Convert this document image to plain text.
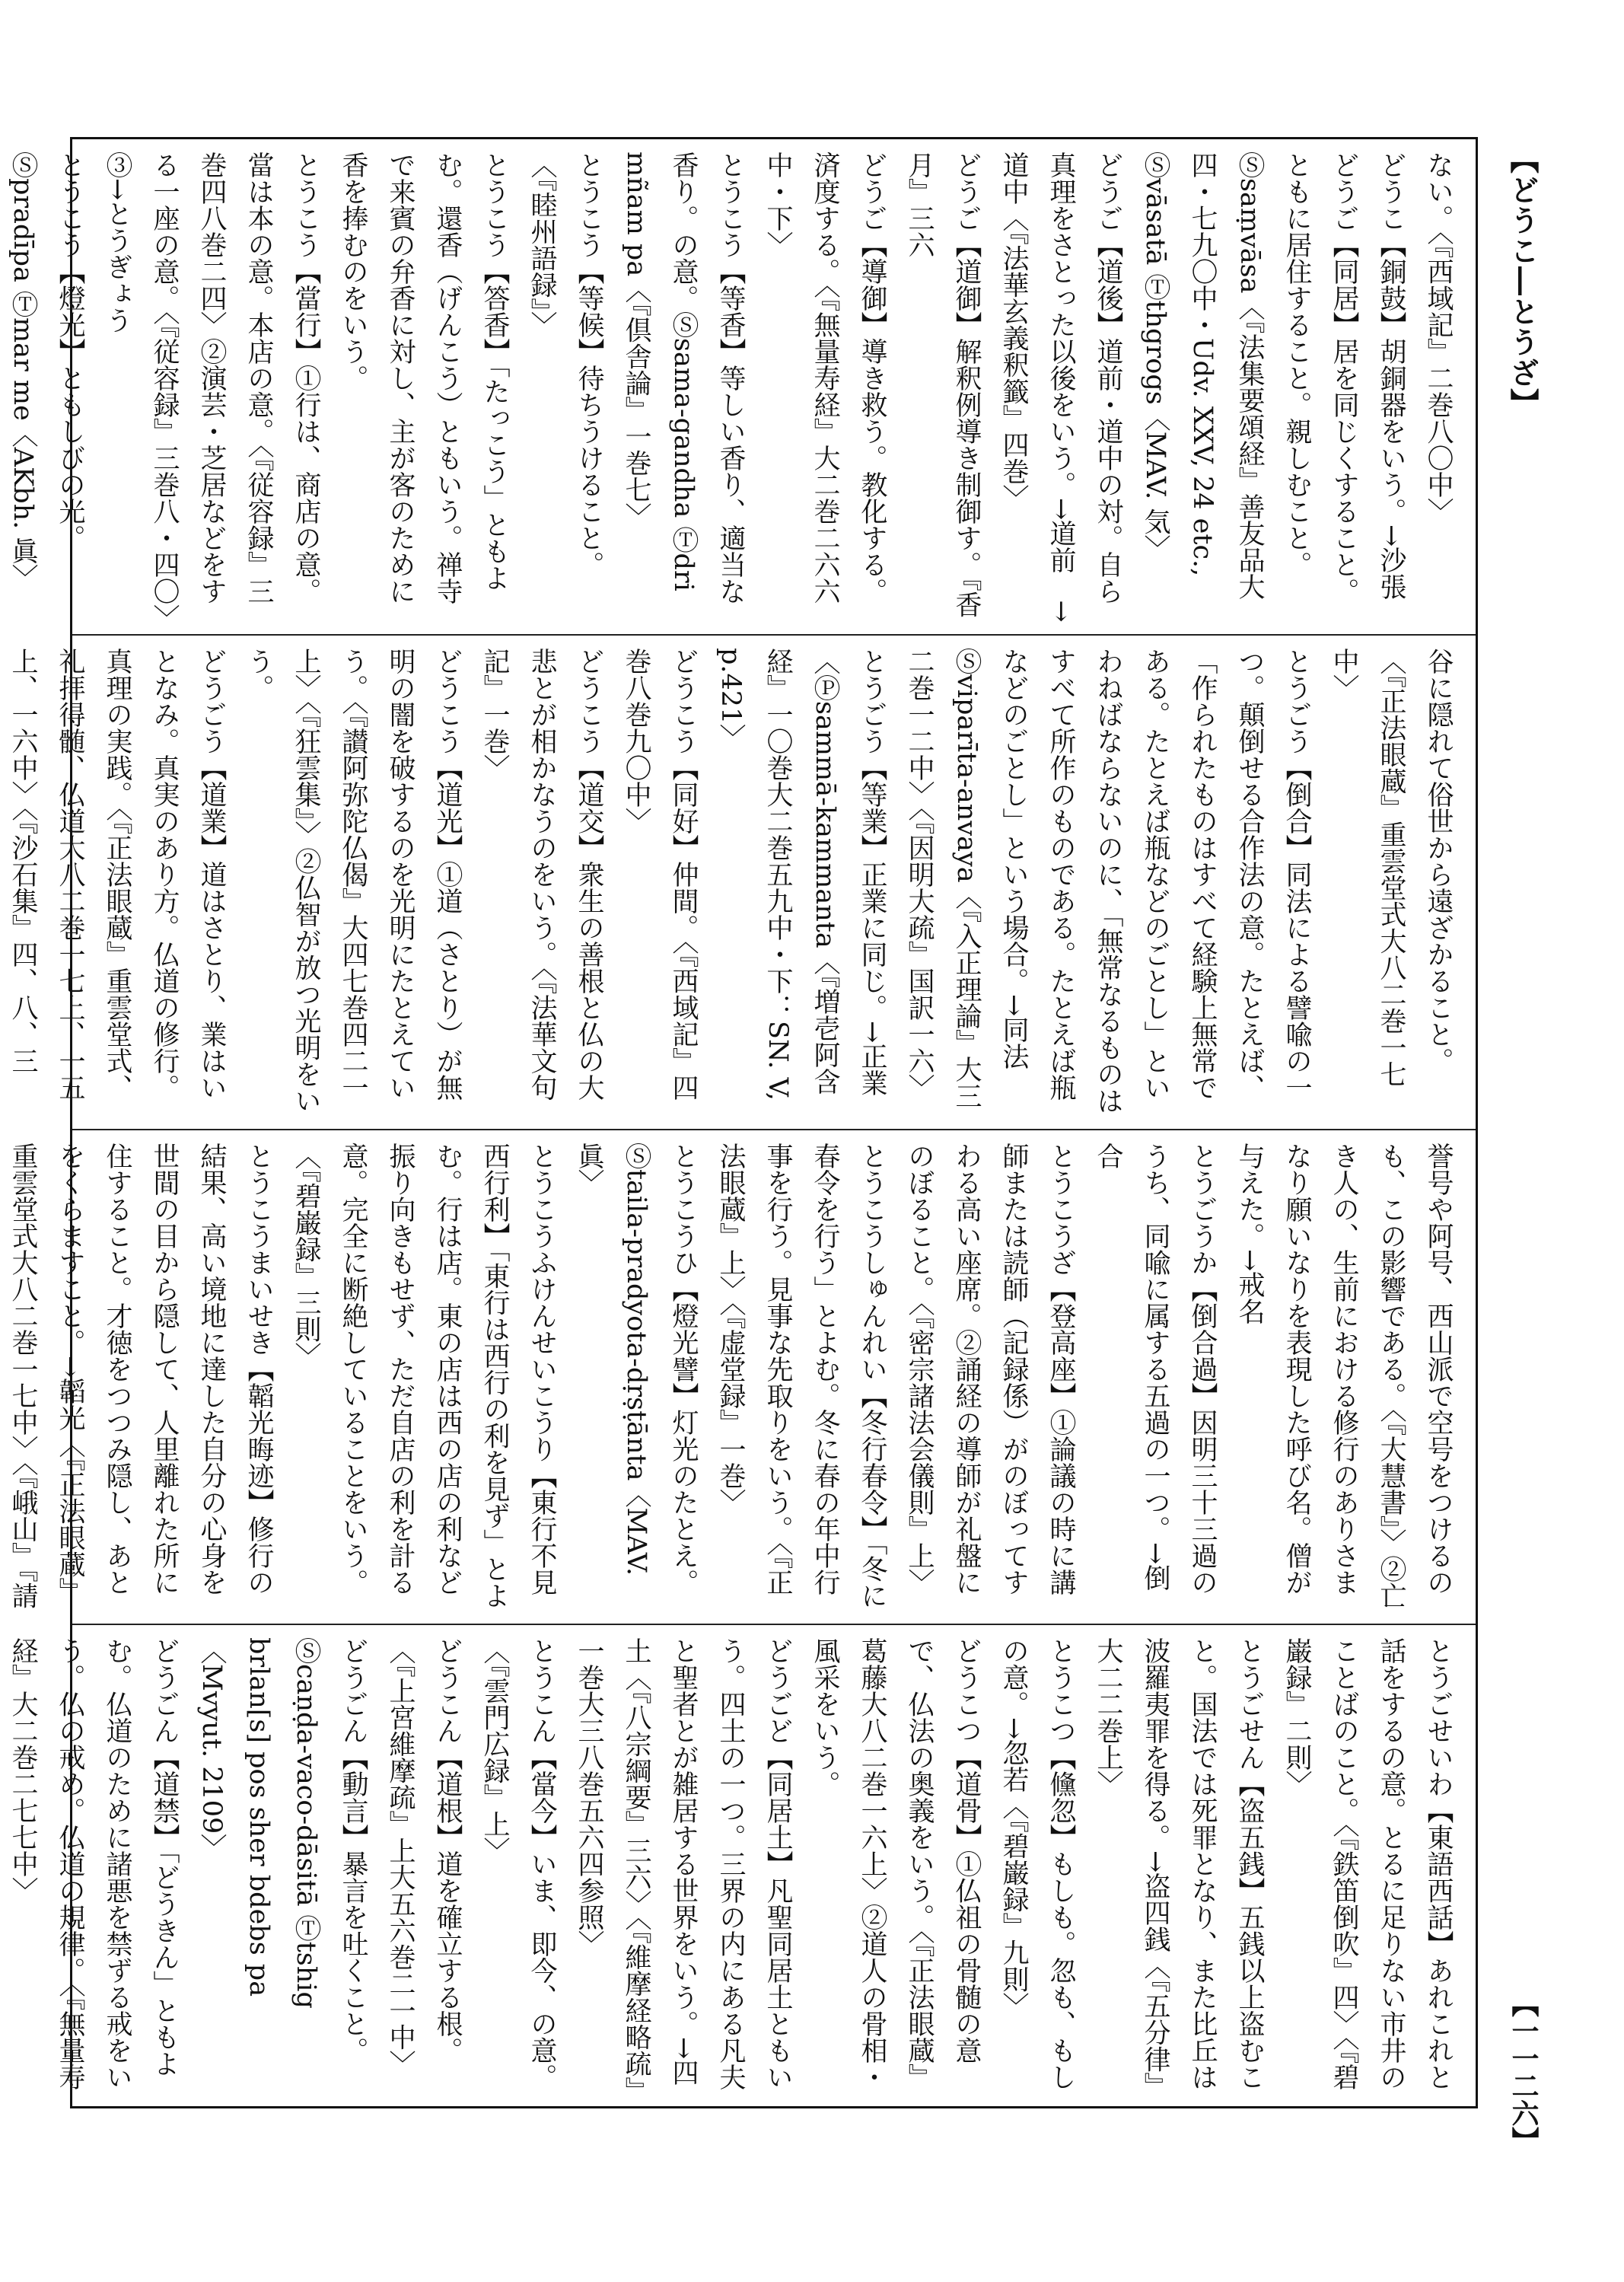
【どうこ―とうざ】
【一一二六】
ない。〈『西域記』二巻八〇中〉
どうこ【銅鼓】胡銅器をいう。→沙張
どうご【同居】居を同じくすること。ともに居住すること。親しむこと。Ⓢsaṃvāsa〈『法集要頌経』善友品大四・七九〇中・Udv. XXV, 24 etc., Ⓢvāsatā Ⓣthgrogs〈MAV. 気〉
どうご【道後】道前・道中の対。自ら真理をさとった以後をいう。→道前　→道中〈『法華玄義釈籤』四巻〉
どうご【道御】解釈例導き制御す。『香月』三六
どうご【導御】導き救う。教化する。済度する。〈『無量寿経』大二巻二六六中・下〉
とうこう【等香】等しい香り、適当な香り。の意。Ⓢsama-gandha Ⓣdri mñam pa〈『倶舎論』一巻七〉
とうこう【等候】待ちうけること。〈『睦州語録』〉
とうこう【答香】「たっこう」ともよむ。還香（げんこう）ともいう。禅寺で来賓の弁香に対し、主が客のために香を捧むのをいう。
とうこう【當行】①行は、商店の意。當は本の意。本店の意。〈『従容録』三巻四八巻二四〉②演芸・芝居などをする一座の意。〈『従容録』三巻八・四〇〉③→とうぎょう
とうこう【燈光】ともしびの光。Ⓢpradīpa Ⓣmar me〈AKbh. 眞〉

谷に隠れて俗世から遠ざかること。〈『正法眼蔵』重雲堂式大八二巻一七中〉
とうごう【倒合】同法による譬喩の一つ。顛倒せる合作法の意。たとえば、「作られたものはすべて経験上無常である。たとえば瓶などのごとし」といわねばならないのに、「無常なるものはすべて所作のものである。たとえば瓶などのごとし」という場合。→同法Ⓢviparīta-anvaya〈『入正理論』大三二巻一二中〉〈『因明大疏』国訳一六〉
とうごう【等業】正業に同じ。→正業〈Ⓟsammā-kammanta〈『増壱阿含経』一〇巻大二巻五九中・下：SN. V, p.421〉
どうこう【同好】仲間。〈『西域記』四巻八巻九〇中〉
どうこう【道交】衆生の善根と仏の大悲とが相かなうのをいう。〈『法華文句記』一巻〉
どうこう【道光】①道（さとり）が無明の闇を破するのを光明にたとえていう。〈『讃阿弥陀仏偈』大四七巻四二一上〉〈『狂雲集』〉②仏智が放つ光明をいう。
どうごう【道業】道はさとり、業はいとなみ。真実のあり方。仏道の修行。真理の実践。〈『正法眼蔵』重雲堂式、礼拝得髄、仏道大八二巻一七上、一五上、一六中〉〈『沙石集』四、八、三

誉号や阿号、西山派で空号をつけるのも、この影響である。〈『大慧書』〉②亡き人の、生前における修行のありさまなり願いなりを表現した呼び名。僧が与えた。→戒名
とうごうか【倒合過】因明三十三過のうち、同喩に属する五過の一つ。→倒合
とうこうざ【登高座】①論議の時に講師または読師（記録係）がのぼってすわる高い座席。②誦経の導師が礼盤にのぼること。〈『密宗諸法会儀則』上〉
とうこうしゅんれい【冬行春令】「冬に春令を行う」とよむ。冬に春の年中行事を行う。見事な先取りをいう。〈『正法眼蔵』上〉〈『虚堂録』一巻〉
とうこうひ【燈光譬】灯光のたとえ。Ⓢtaila-pradyota-dṛṣṭānta〈MAV. 眞〉
とうこうふけんせいこうり【東行不見西行利】「東行は西行の利を見ず」とよむ。行は店。東の店は西の店の利など振り向きもせず、ただ自店の利を計る意。完全に断絶していることをいう。〈『碧巌録』三則〉
とうこうまいせき【韜光晦迹】修行の結果、高い境地に達した自分の心身を世間の目から隠して、人里離れた所に住すること。才徳をつつみ隠し、あとをくらますこと。→韜光〈『正法眼蔵』重雲堂式大八二巻一七中〉〈『峨山』『請

とうごせいわ【東語西話】あれこれと話をするの意。とるに足りない市井のことばのこと。〈『鉄笛倒吹』四〉〈『碧巌録』二則〉
とうごせん【盗五銭】五銭以上盗むこと。国法では死罪となり、また比丘は波羅夷罪を得る。→盗四銭〈『五分律』大二二巻上〉
とうこつ【儵忽】もしも。忽も、もしの意。→忽若〈『碧巌録』九則〉
どうこつ【道骨】①仏祖の骨髄の意で、仏法の奥義をいう。〈『正法眼蔵』葛藤大八二巻一六上〉②道人の骨相・風采をいう。
どうごど【同居土】凡聖同居土ともいう。四土の一つ。三界の内にある凡夫と聖者とが雑居する世界をいう。→四土〈『八宗綱要』三六〉〈『維摩経略疏』一巻大三八巻五六四参照〉
とうこん【當今】いま、即今、の意。〈『雲門広録』上〉
どうこん【道根】道を確立する根。〈『上宮維摩疏』上大五六巻二一中〉
どうごん【動言】暴言を吐くこと。Ⓢcaṇḍa-vaco-dāsitā Ⓣtshig brlan[s] pos sher bdebs pa〈Mvyut. 2109〉
どうごん【道禁】「どうきん」ともよむ。仏道のために諸悪を禁ずる戒をいう。仏の戒め。仏道の規律。〈『無量寿経』大二巻二七七中〉
